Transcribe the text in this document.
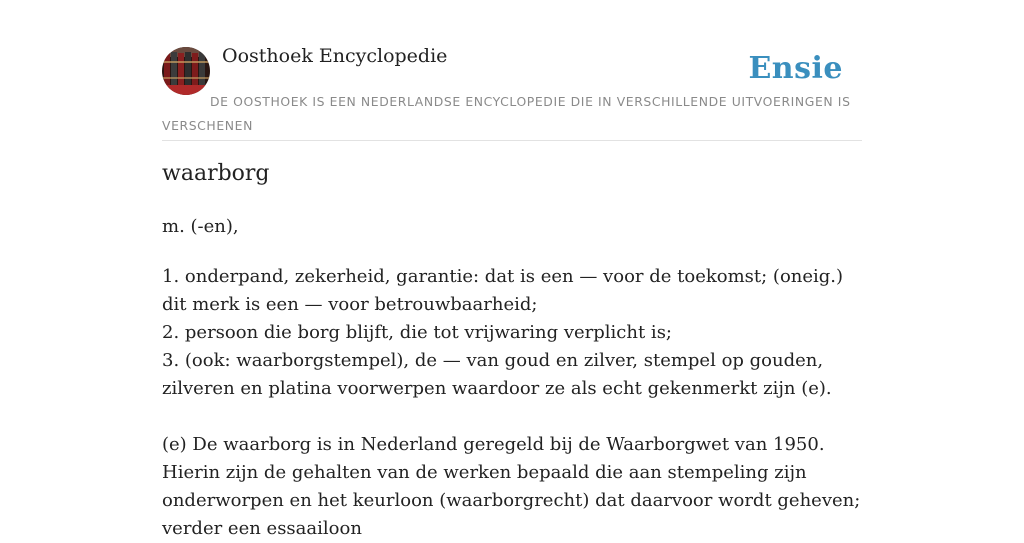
Oosthoek Encyclopedie	Ensie
DE OOSTHOEK IS EEN NEDERLANDSE ENCYCLOPEDIE DIE IN VERSCHILLENDE UITVOERINGEN IS VERSCHENEN
waarborg
m. (-en),

1. onderpand, zekerheid, garantie: dat is een — voor de toekomst; (oneig.) dit merk is een — voor betrouwbaarheid;

2. persoon die borg blijft, die tot vrijwaring verplicht is;

3. (ook: waarborgstempel), de — van goud en zilver, stempel op gouden, zilveren en platina voorwerpen waardoor ze als echt gekenmerkt zijn (e).

(e) De waarborg is in Nederland geregeld bij de Waarborgwet van 1950. Hierin zijn de gehalten van de werken bepaald die aan stempeling zijn onderworpen en het keurloon (waarborgrecht) dat daarvoor wordt geheven; verder een essaailoon
